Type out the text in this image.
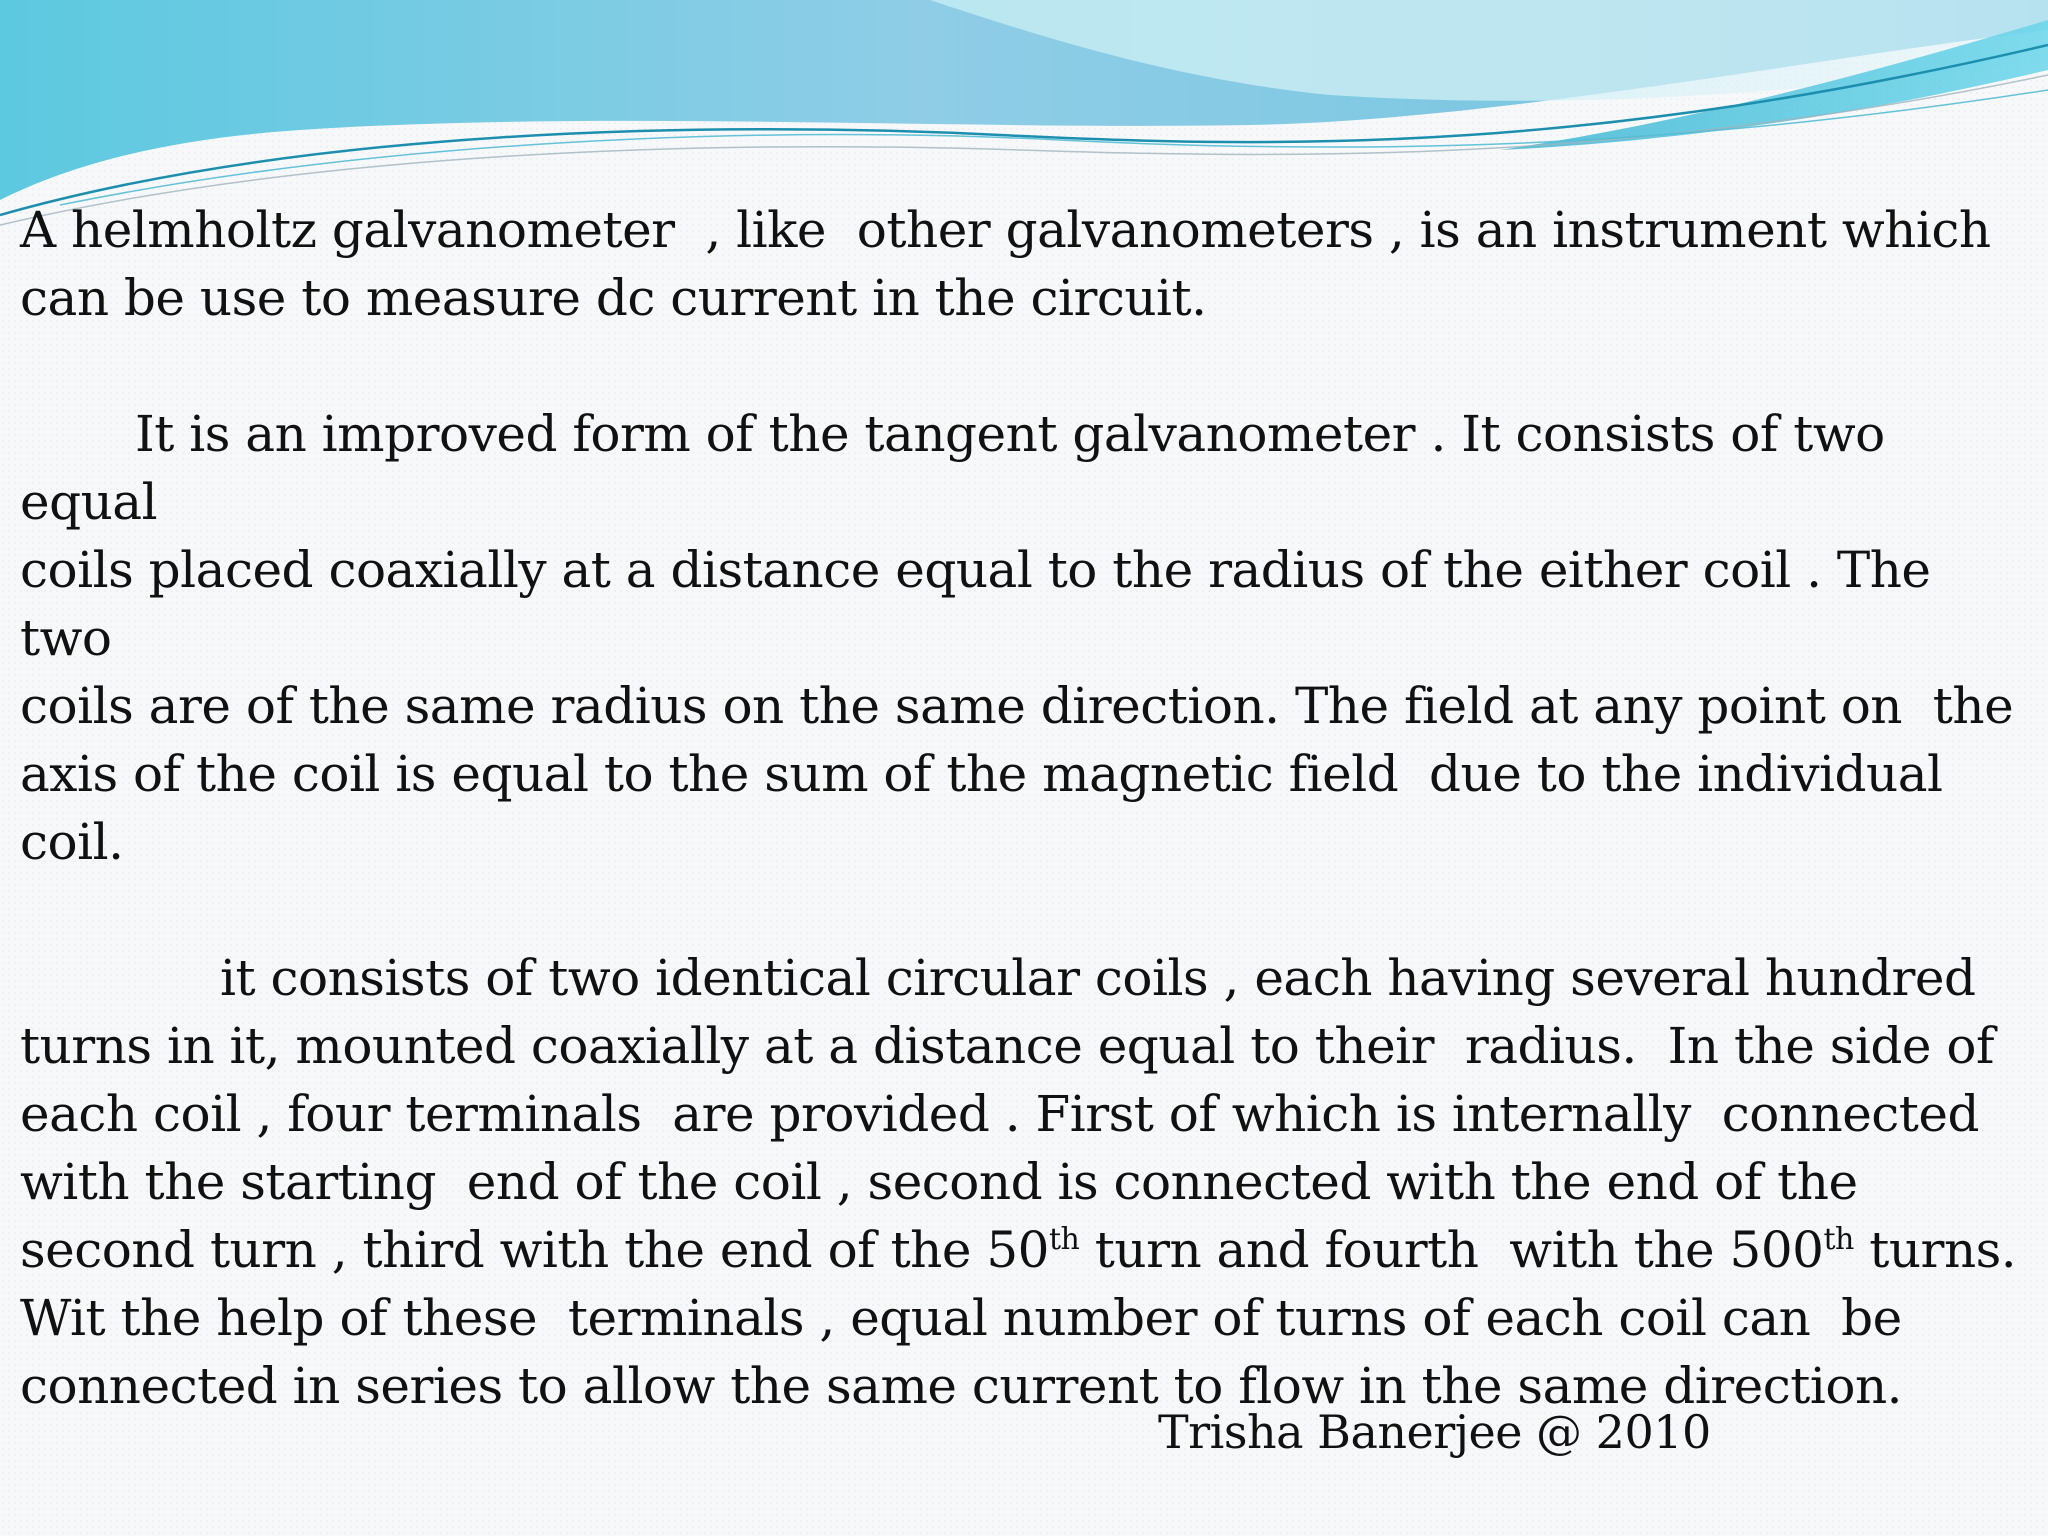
A helmholtz galvanometer  , like  other galvanometers , is an instrument which
can be use to measure dc current in the circuit.

It is an improved form of the tangent galvanometer . It consists of two equal
coils placed coaxially at a distance equal to the radius of the either coil . The two
coils are of the same radius on the same direction. The field at any point on  the
axis of the coil is equal to the sum of the magnetic field  due to the individual
coil.

it consists of two identical circular coils , each having several hundred
turns in it, mounted coaxially at a distance equal to their  radius.  In the side of
each coil , four terminals  are provided . First of which is internally  connected
with the starting  end of the coil , second is connected with the end of the
second turn , third with the end of the 50th turn and fourth  with the 500th turns.
Wit the help of these  terminals , equal number of turns of each coil can  be
connected in series to allow the same current to flow in the same direction.

Trisha Banerjee @ 2010
